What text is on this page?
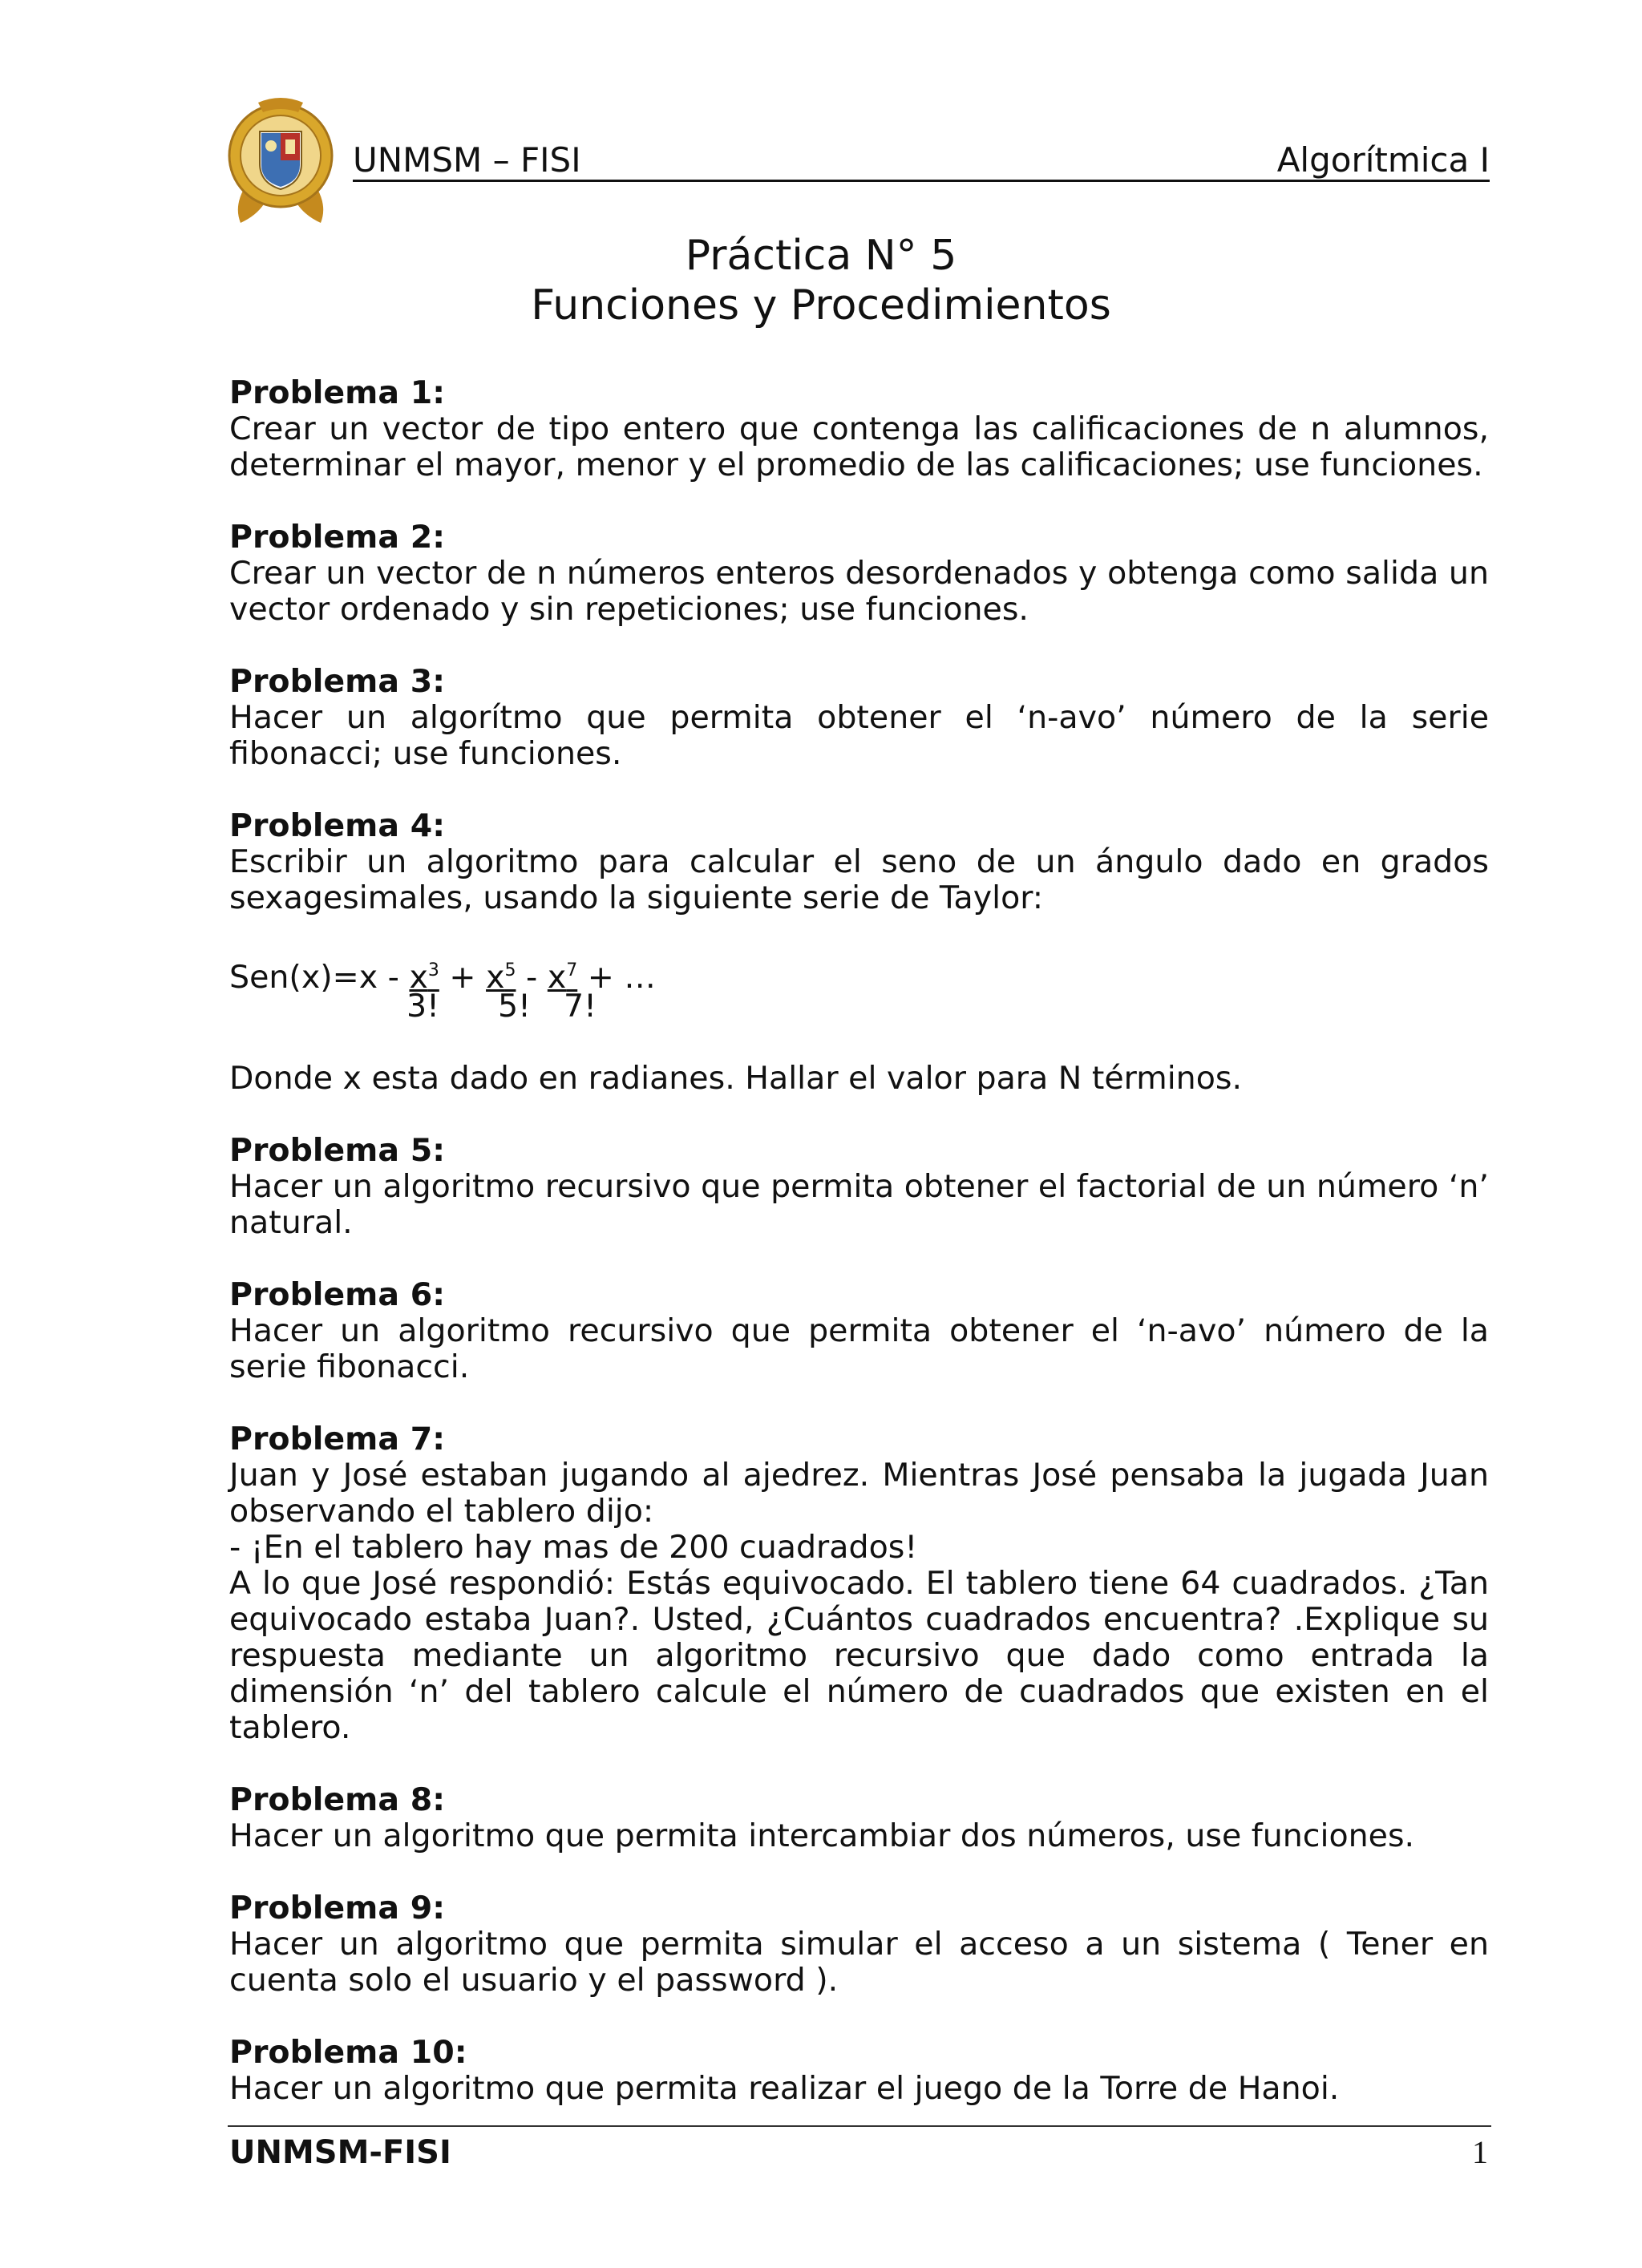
UNMSM – FISI	Algorítmica I
Práctica N° 5
Funciones y Procedimientos
Problema 1:
Crear un vector de tipo entero que contenga las calificaciones de n alumnos, determinar el mayor, menor y el promedio de las calificaciones; use funciones.
Problema 2:
Crear un vector de n números enteros desordenados y obtenga como salida un vector ordenado y sin repeticiones; use funciones.
Problema 3:
Hacer un algorítmo que permita obtener el ‘n-avo’ número de la serie fibonacci; use funciones.
Problema 4:
Escribir un algoritmo para calcular el seno de un ángulo dado en grados sexagesimales, usando la siguiente serie de Taylor:
$Sen(x)=x - x^3 + x^5 - x^7$ + …
3! 5! 7!
Donde x esta dado en radianes. Hallar el valor para N términos.
Problema 5:
Hacer un algoritmo recursivo que permita obtener el factorial de un número ‘n’ natural.
Problema 6:
Hacer un algoritmo recursivo que permita obtener el ‘n-avo’ número de la serie fibonacci.
Problema 7:
Juan y José estaban jugando al ajedrez. Mientras José pensaba la jugada Juan observando el tablero dijo:
- ¡En el tablero hay mas de 200 cuadrados!
A lo que José respondió: Estás equivocado. El tablero tiene 64 cuadrados. ¿Tan equivocado estaba Juan?. Usted, ¿Cuántos cuadrados encuentra? .Explique su respuesta mediante un algoritmo recursivo que dado como entrada la dimensión ‘n’ del tablero calcule el número de cuadrados que existen en el tablero.
Problema 8:
Hacer un algoritmo que permita intercambiar dos números, use funciones.
Problema 9:
Hacer un algoritmo que permita simular el acceso a un sistema ( Tener en cuenta solo el usuario y el password ).
Problema 10:
Hacer un algoritmo que permita realizar el juego de la Torre de Hanoi.
UNMSM-FISI	1
